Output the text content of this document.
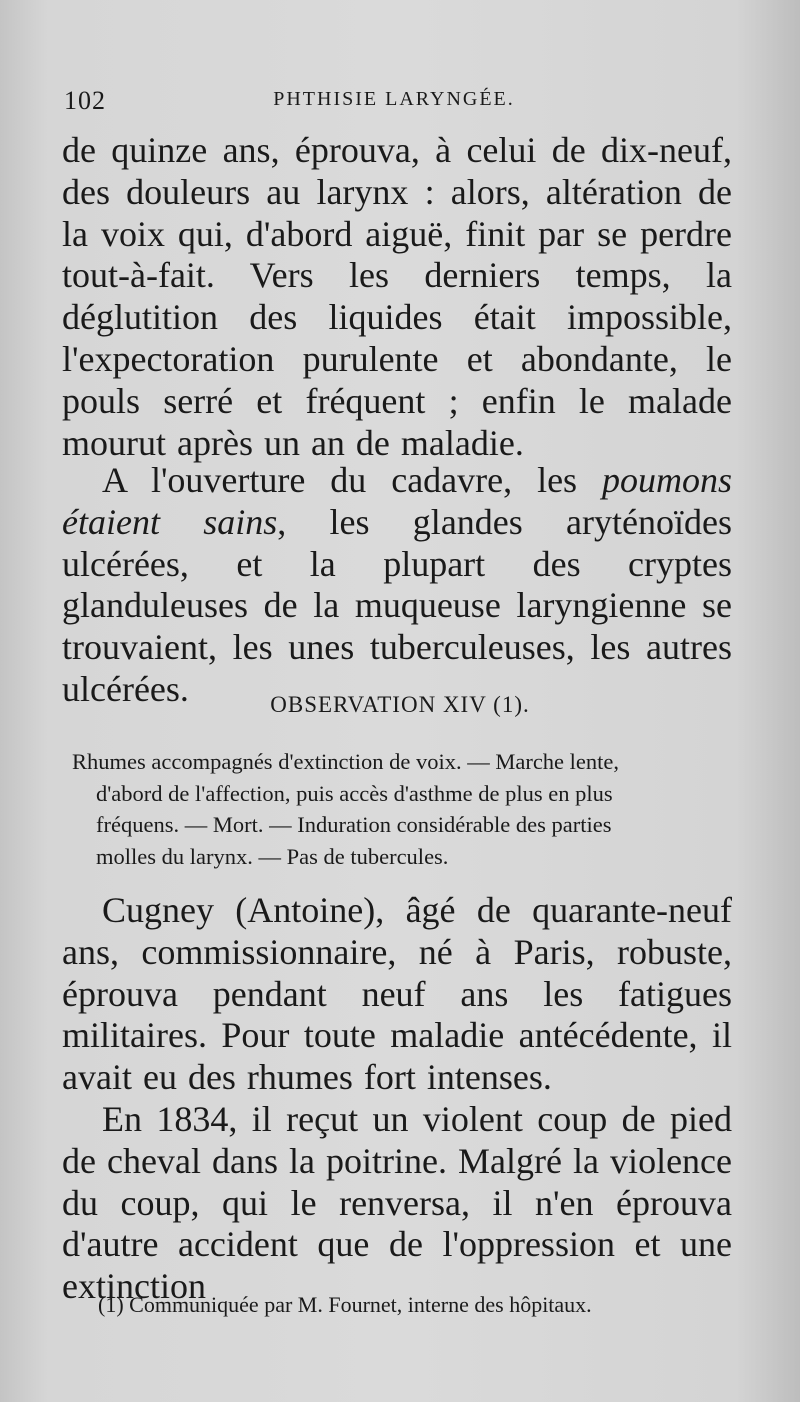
102	PHTHISIE LARYNGÉE.

de quinze ans, éprouva, à celui de dix-neuf, des douleurs au larynx : alors, altération de la voix qui, d'abord aiguë, finit par se perdre tout-à-fait. Vers les derniers temps, la déglutition des liquides était impossible, l'expectoration purulente et abondante, le pouls serré et fréquent ; enfin le malade mourut après un an de maladie.

A l'ouverture du cadavre, les poumons étaient sains, les glandes aryténoïdes ulcérées, et la plupart des cryptes glanduleuses de la muqueuse laryngienne se trouvaient, les unes tuberculeuses, les autres ulcérées.	OBSERVATION XIV (1).

Rhumes accompagnés d'extinction de voix. — Marche lente,
d'abord de l'affection, puis accès d'asthme de plus en plus
fréquens. — Mort. — Induration considérable des parties
molles du larynx. — Pas de tubercules.

Cugney (Antoine), âgé de quarante-neuf ans, commissionnaire, né à Paris, robuste, éprouva pendant neuf ans les fatigues militaires. Pour toute maladie antécédente, il avait eu des rhumes fort intenses.

En 1834, il reçut un violent coup de pied de cheval dans la poitrine. Malgré la violence du coup, qui le renversa, il n'en éprouva d'autre accident que de l'oppression et une extinction

(1) Communiquée par M. Fournet, interne des hôpitaux.
